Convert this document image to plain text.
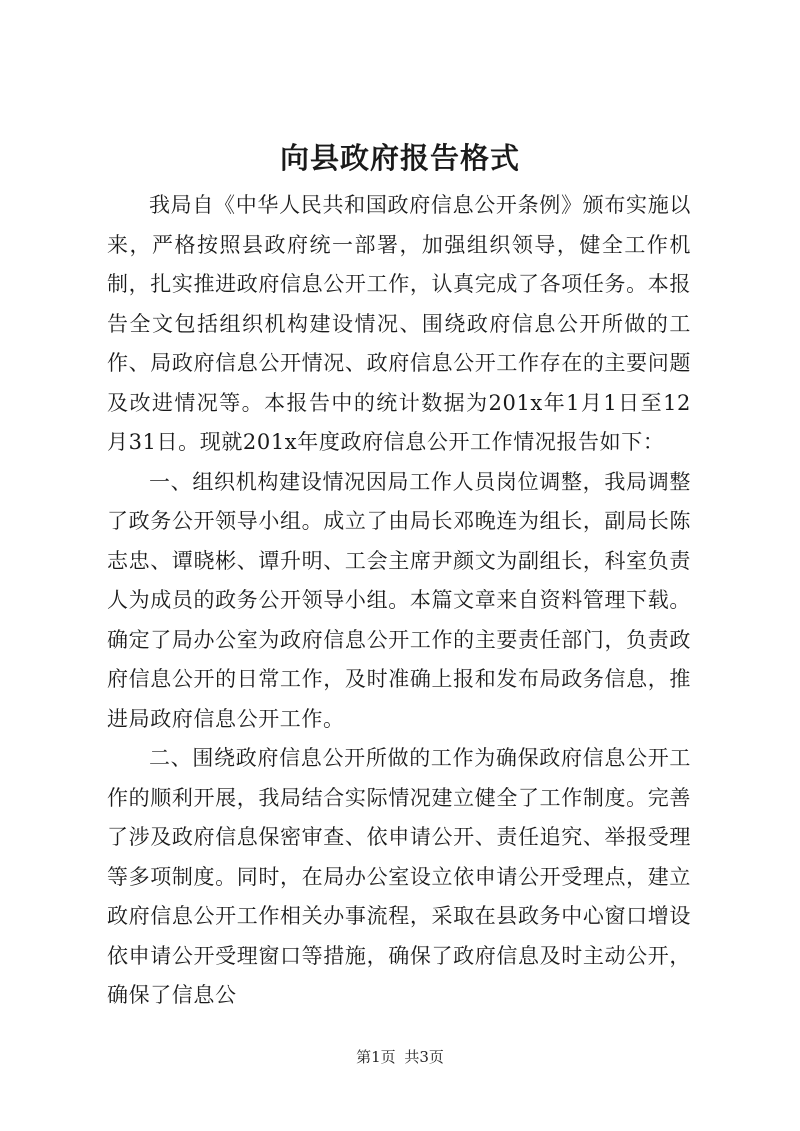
向县政府报告格式

我局自《中华人民共和国政府信息公开条例》颁布实施以来，严格按照县政府统一部署，加强组织领导，健全工作机制，扎实推进政府信息公开工作，认真完成了各项任务。本报告全文包括组织机构建设情况、围绕政府信息公开所做的工作、局政府信息公开情况、政府信息公开工作存在的主要问题及改进情况等。本报告中的统计数据为201x年1月1日至12月31日。现就201x年度政府信息公开工作情况报告如下：

一、组织机构建设情况因局工作人员岗位调整，我局调整了政务公开领导小组。成立了由局长邓晚连为组长，副局长陈志忠、谭晓彬、谭升明、工会主席尹颜文为副组长，科室负责人为成员的政务公开领导小组。本篇文章来自资料管理下载。确定了局办公室为政府信息公开工作的主要责任部门，负责政府信息公开的日常工作，及时准确上报和发布局政务信息，推进局政府信息公开工作。

二、围绕政府信息公开所做的工作为确保政府信息公开工作的顺利开展，我局结合实际情况建立健全了工作制度。完善了涉及政府信息保密审查、依申请公开、责任追究、举报受理等多项制度。同时，在局办公室设立依申请公开受理点，建立政府信息公开工作相关办事流程，采取在县政务中心窗口增设依申请公开受理窗口等措施，确保了政府信息及时主动公开，确保了信息公

第1页 共3页
